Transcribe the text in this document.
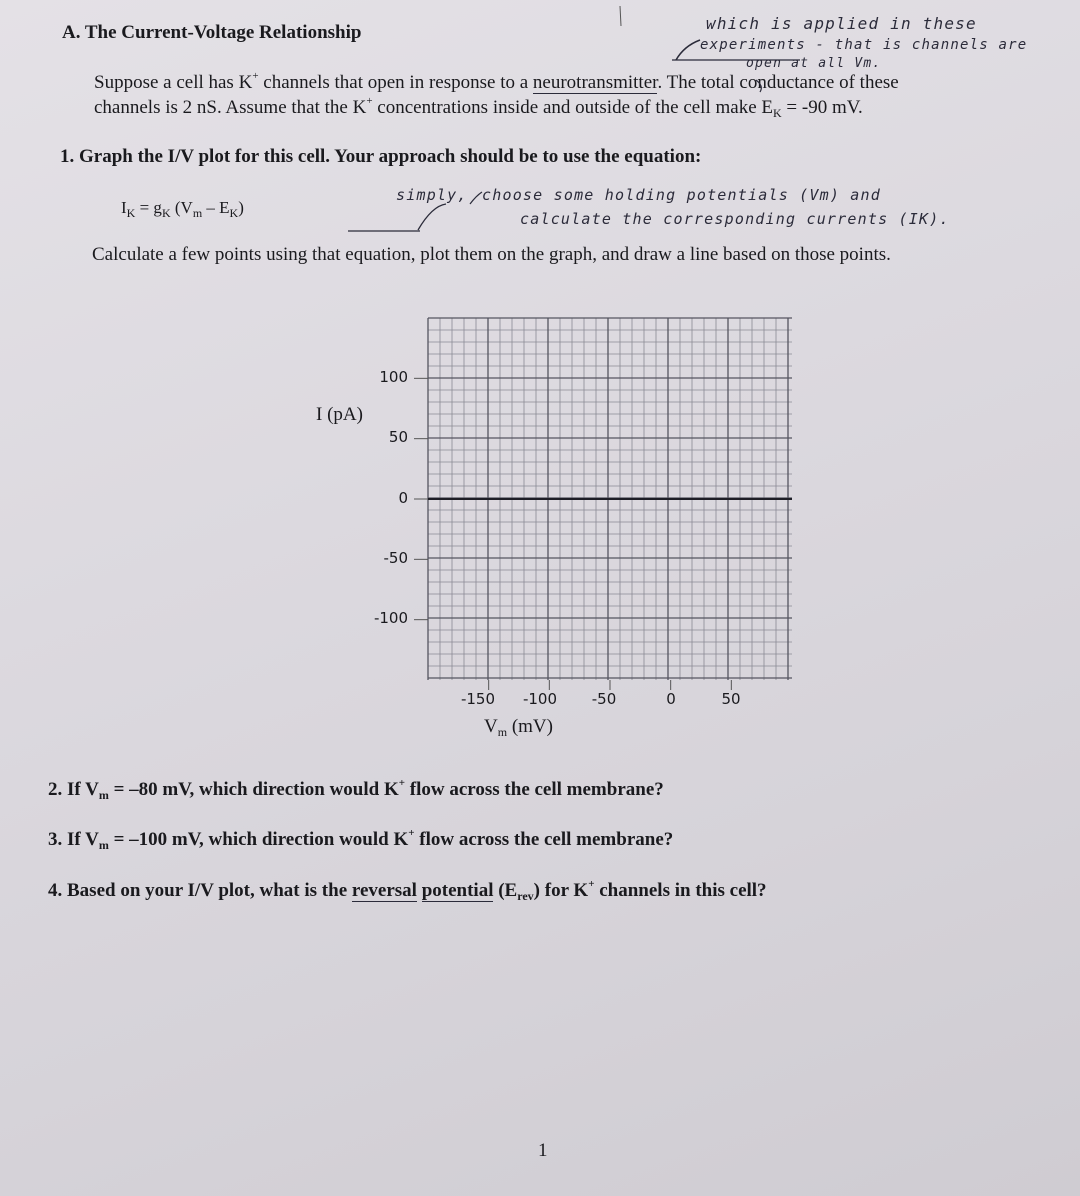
A. The Current-Voltage Relationship	which is applied in these
experiments - that is channels are
open at all Vm.
Suppose a cell has K+ channels that open in response to a neurotransmitter. The total conductance of these
channels is 2 nS. Assume that the K+ concentrations inside and outside of the cell make $E_K = -90$ mV.
1. Graph the I/V plot for this cell. Your approach should be to use the equation:
$I_K = g_K$ $(V_m - E_K)$
simply, choose some holding potentials (Vm) and
calculate the corresponding currents (IK).
Calculate a few points using that equation, plot them on the graph, and draw a line based on those points.
I (pA)
100
50
0
-50
-100
-150	-100	-50	0	50
$V_m$ (mV)
2. If $V_m = -80$ mV, which direction would K+ flow across the cell membrane?
3. If $V_m = -100$ mV, which direction would K+ flow across the cell membrane?
4. Based on your I/V plot, what is the reversal potential $(E_{rev})$ for K+ channels in this cell?
1
